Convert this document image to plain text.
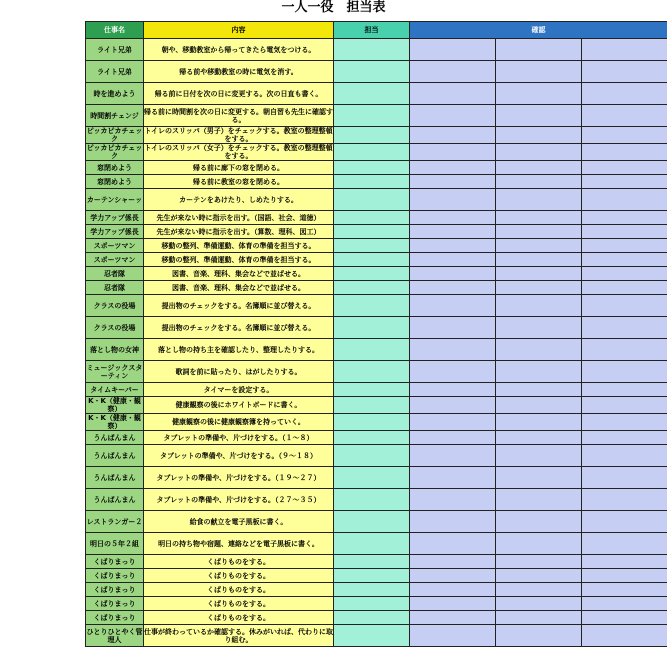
一人一役　担当表
仕事名	内容	担当	確認		
ライト兄弟	朝や、移動教室から帰ってきたら電気をつける。				
ライト兄弟	帰る前や移動教室の時に電気を消す。				
時を進めよう	帰る前に日付を次の日に変更する。次の日直も書く。				
時間割チェンジ	帰る前に時間割を次の日に変更する。朝自習も先生に確認する。				
ピッカピカチェック	トイレのスリッパ（男子）をチェックする。教室の整理整頓をする。				
ピッカピカチェック	トイレのスリッパ（女子）をチェックする。教室の整理整頓をする。				
窓閉めよう	帰る前に廊下の窓を閉める。				
窓閉めよう	帰る前に教室の窓を閉める。				
カーテンシャーッ	カーテンをあけたり、しめたりする。				
学力アップ係長	先生が来ない時に指示を出す。（国語、社会、道徳）				
学力アップ係長	先生が来ない時に指示を出す。（算数、理科、図工）				
スポーツマン	移動の整列、準備運動、体育の準備を担当する。				
スポーツマン	移動の整列、準備運動、体育の準備を担当する。				
忍者隊	図書、音楽、理科、集会などで並ばせる。				
忍者隊	図書、音楽、理科、集会などで並ばせる。				
クラスの役場	提出物のチェックをする。名簿順に並び替える。				
クラスの役場	提出物のチェックをする。名簿順に並び替える。				
落とし物の女神	落とし物の持ち主を確認したり、整理したりする。				
ミュージックスターティン	歌詞を前に貼ったり、はがしたりする。				
タイムキーパー	タイマーを設定する。				
K・K（健康・観察）	健康観察の後にホワイトボードに書く。				
K・K（健康・観察）	健康観察の後に健康観察簿を持っていく。				
うんぱんまん	タブレットの準備や、片づけをする。（１～８）				
うんぱんまん	タブレットの準備や、片づけをする。（９～１８）				
うんぱんまん	タブレットの準備や、片づけをする。（１９～２７）				
うんぱんまん	タブレットの準備や、片づけをする。（２７～３５）				
レストランガー２	給食の献立を電子黒板に書く。				
明日の５年２組	明日の持ち物や宿題、連絡などを電子黒板に書く。				
くばりまっり	くばりものをする。				
くばりまっり	くばりものをする。				
くばりまっり	くばりものをする。				
くばりまっり	くばりものをする。				
くばりまっり	くばりものをする。				
ひとりひとやく管理人	仕事が終わっているか確認する。休みがいれば、代わりに取り組む。				
